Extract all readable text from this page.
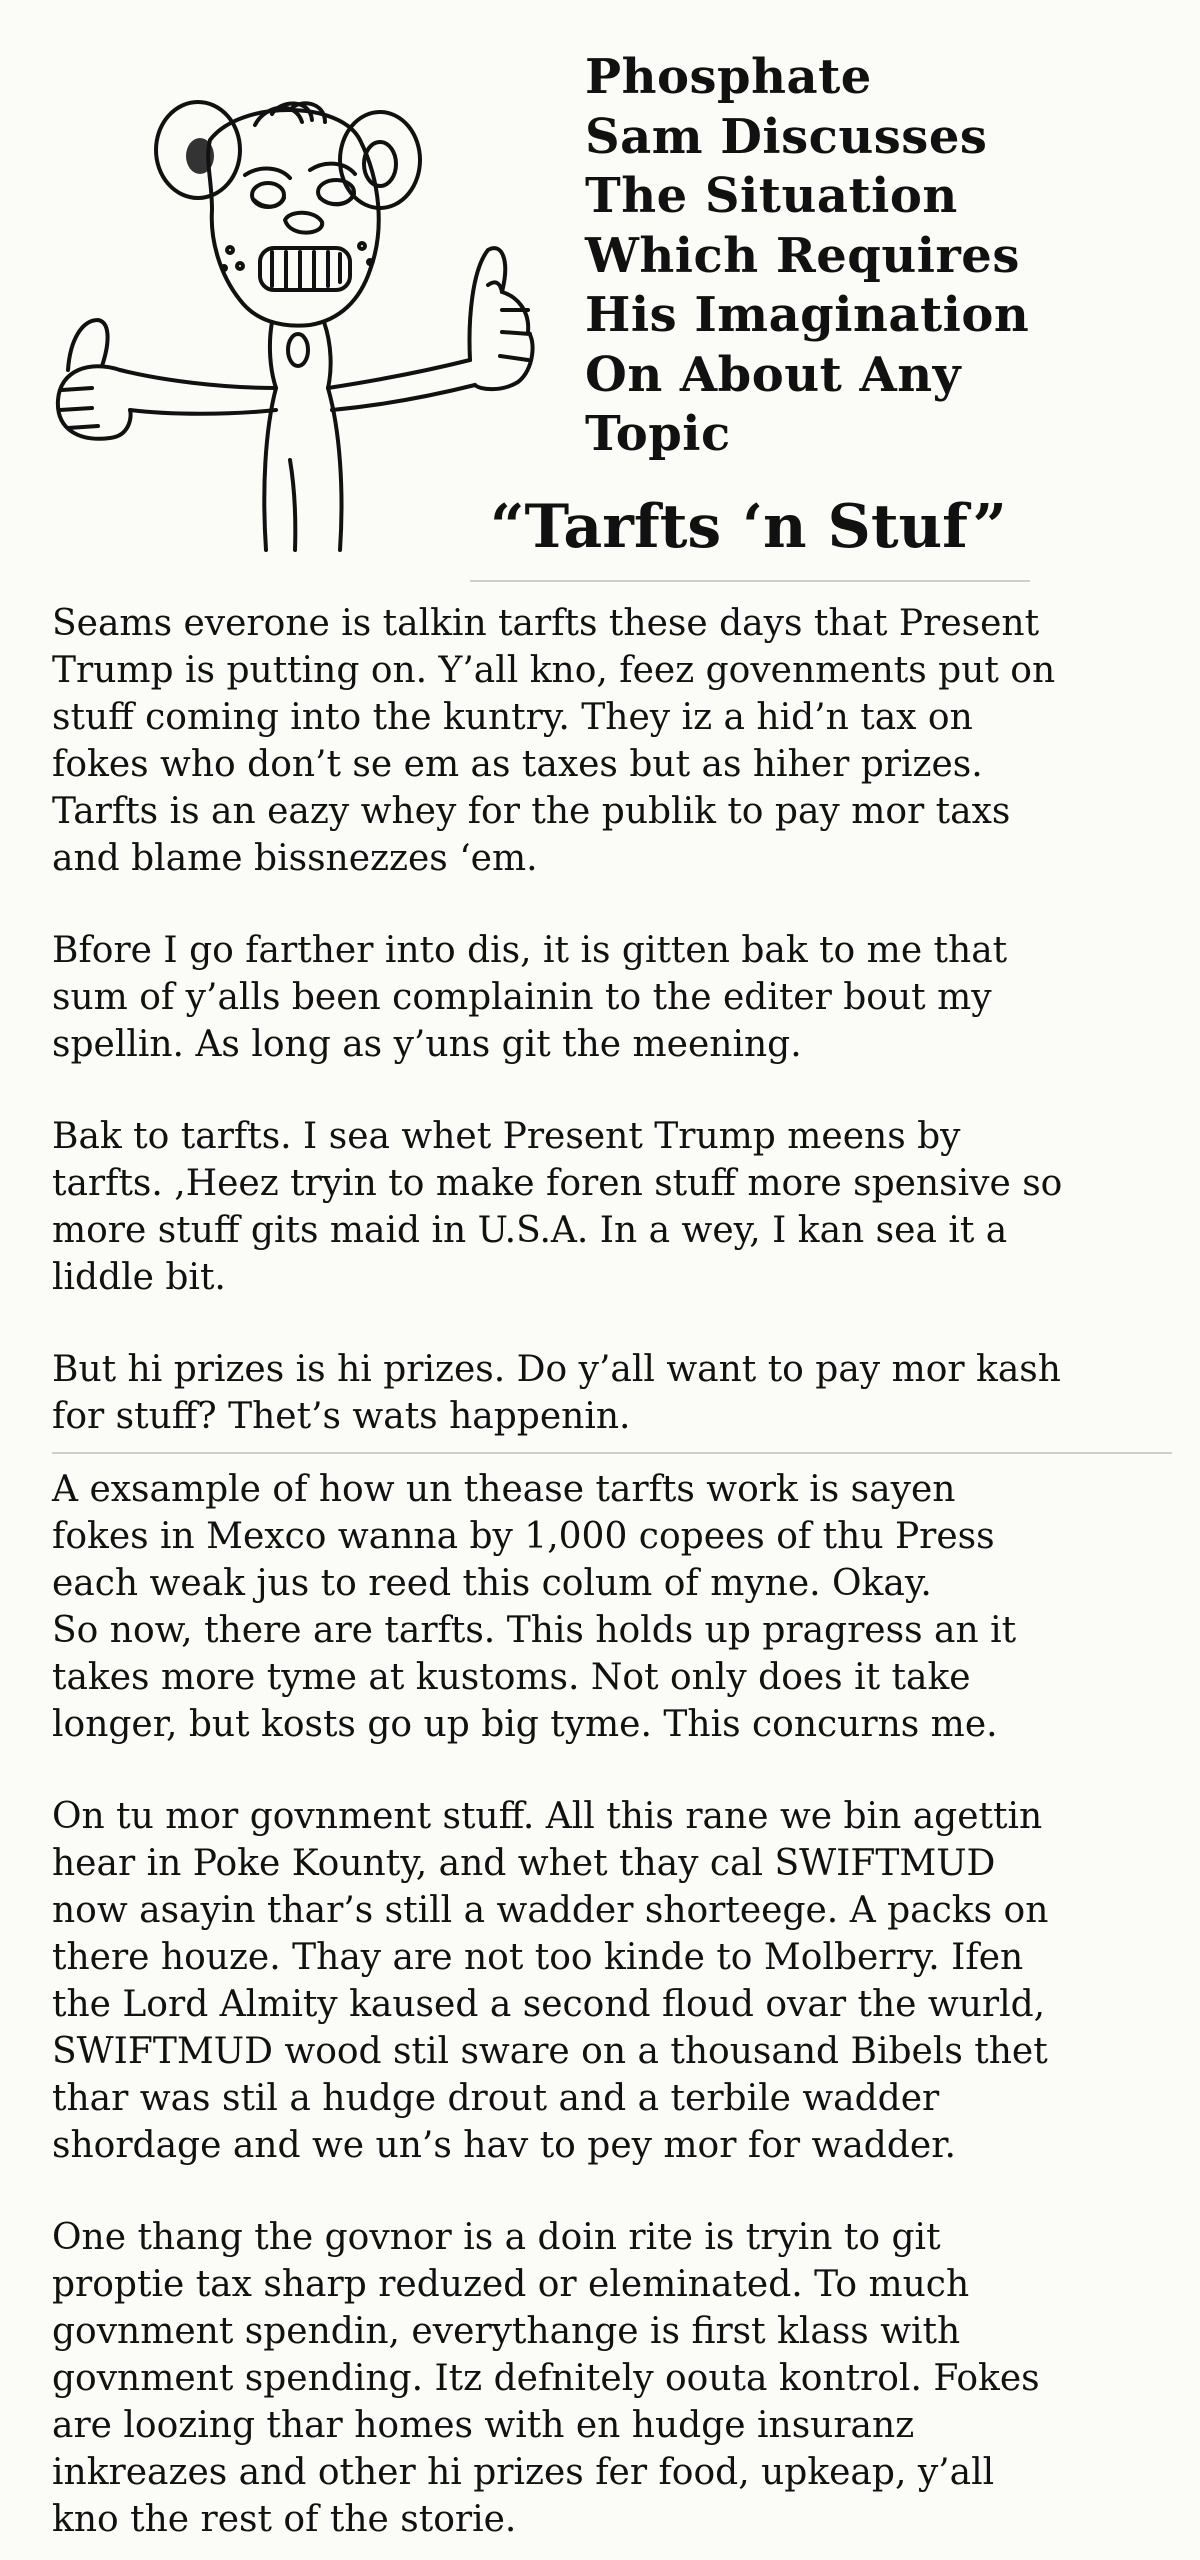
Phosphate
Sam Discusses
The Situation
Which Requires
His Imagination
On About Any
Topic
“Tarfts ‘n Stuf”
Seams everone is talkin tarfts these days that Present
Trump is putting on. Y’all kno, feez govenments put on
stuff coming into the kuntry. They iz a hid’n tax on
fokes who don’t se em as taxes but as hiher prizes.
Tarfts is an eazy whey for the publik to pay mor taxs
and blame bissnezzes ‘em.
Bfore I go farther into dis, it is gitten bak to me that
sum of y’alls been complainin to the editer bout my
spellin. As long as y’uns git the meening.
Bak to tarfts. I sea whet Present Trump meens by
tarfts. ,Heez tryin to make foren stuff more spensive so
more stuff gits maid in U.S.A. In a wey, I kan sea it a
liddle bit.
But hi prizes is hi prizes. Do y’all want to pay mor kash
for stuff? Thet’s wats happenin.
A exsample of how un thease tarfts work is sayen
fokes in Mexco wanna by 1,000 copees of thu Press
each weak jus to reed this colum of myne. Okay.
So now, there are tarfts. This holds up pragress an it
takes more tyme at kustoms. Not only does it take
longer, but kosts go up big tyme. This concurns me.
On tu mor govnment stuff. All this rane we bin agettin
hear in Poke Kounty, and whet thay cal SWIFTMUD
now asayin thar’s still a wadder shorteege. A packs on
there houze. Thay are not too kinde to Molberry. Ifen
the Lord Almity kaused a second floud ovar the wurld,
SWIFTMUD wood stil sware on a thousand Bibels thet
thar was stil a hudge drout and a terbile wadder
shordage and we un’s hav to pey mor for wadder.
One thang the govnor is a doin rite is tryin to git
proptie tax sharp reduzed or eleminated. To much
govnment spendin, everythange is first klass with
govnment spending. Itz defnitely oouta kontrol. Fokes
are loozing thar homes with en hudge insuranz
inkreazes and other hi prizes fer food, upkeap, y’all
kno the rest of the storie.
